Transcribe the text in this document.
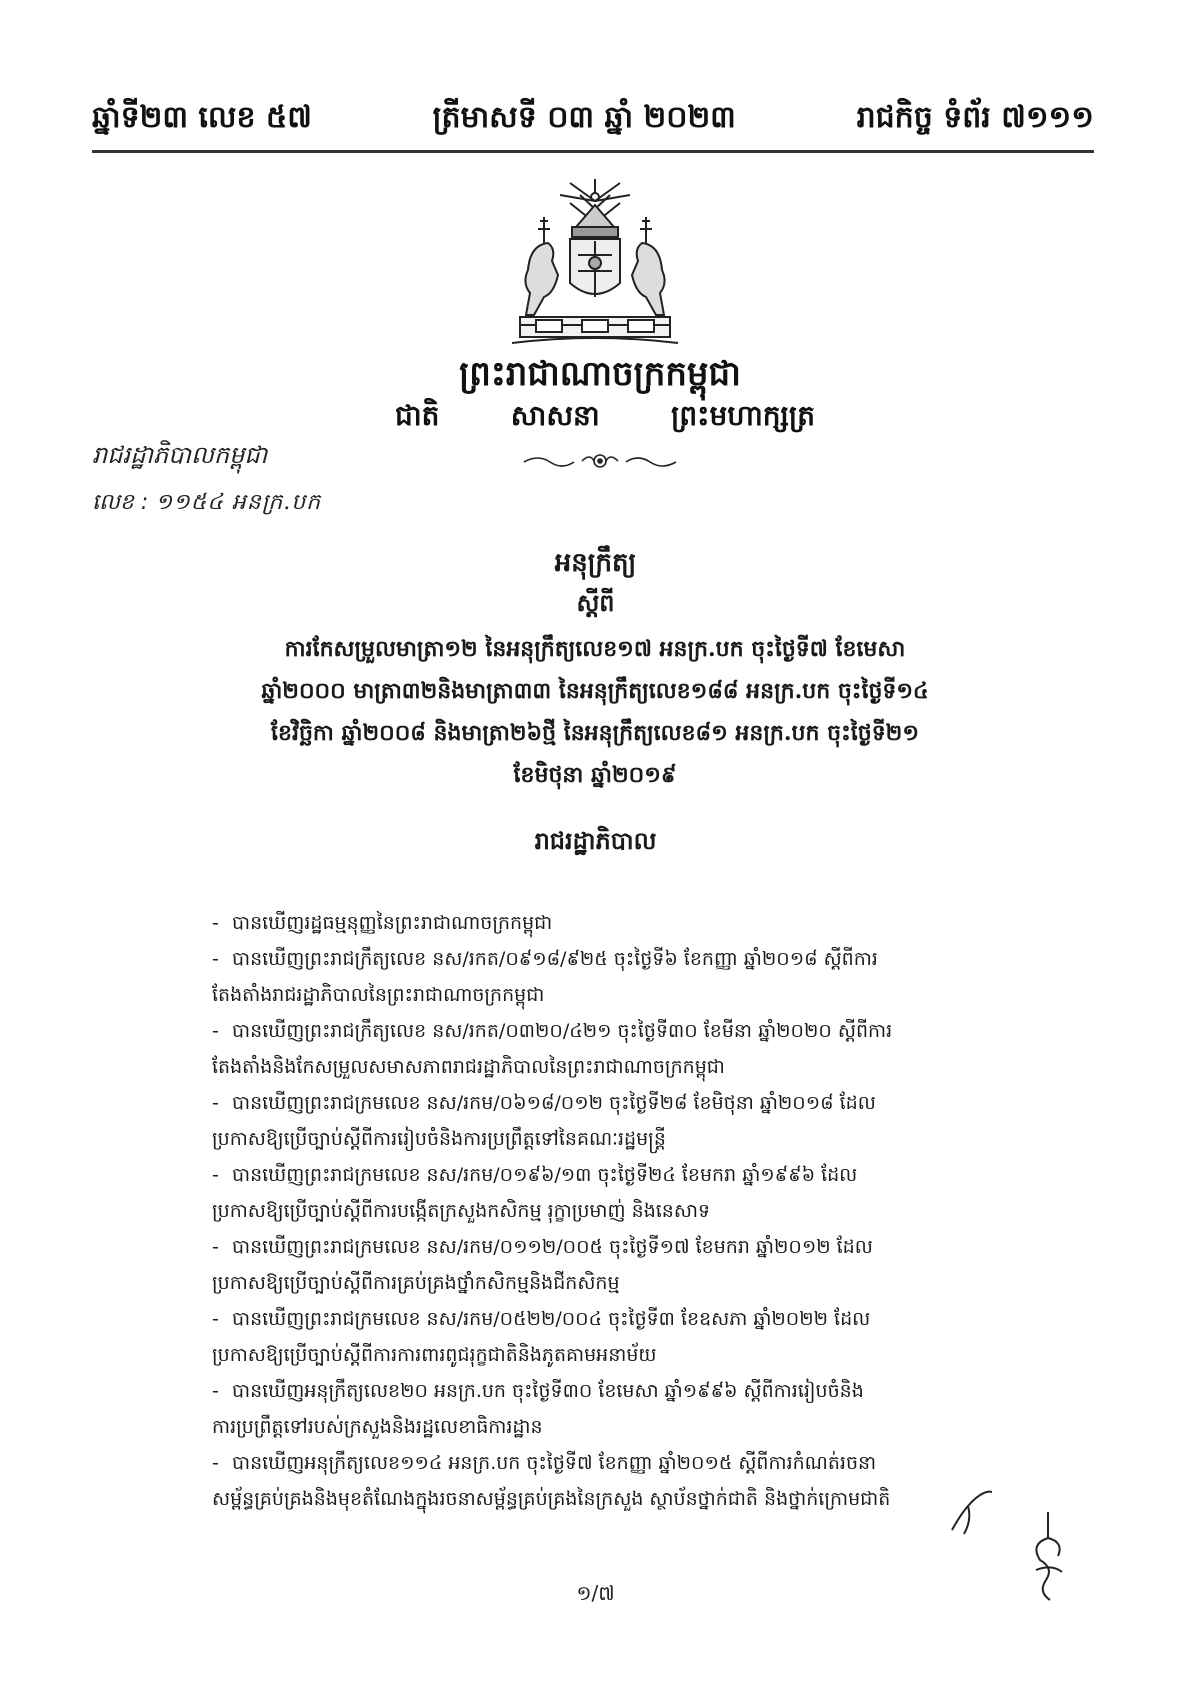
ឆ្នាំទី២៣ លេខ ៥៧	ត្រីមាសទី ០៣ ឆ្នាំ ២០២៣	រាជកិច្ច ទំព័រ ៧១១១
ព្រះរាជាណាចក្រកម្ពុជា
ជាតិ	សាសនា	ព្រះមហាក្សត្រ
រាជរដ្ឋាភិបាលកម្ពុជា
លេខ : ១១៥៤ អនក្រ.បក
អនុក្រឹត្យ
ស្តីពី
ការកែសម្រួលមាត្រា១២ នៃអនុក្រឹត្យលេខ១៧ អនក្រ.បក ចុះថ្ងៃទី៧ ខែមេសា
ឆ្នាំ២០០០ មាត្រា៣២និងមាត្រា៣៣ នៃអនុក្រឹត្យលេខ១៨៨ អនក្រ.បក ចុះថ្ងៃទី១៤
ខែវិច្ឆិកា ឆ្នាំ២០០៨ និងមាត្រា២៦ថ្មី នៃអនុក្រឹត្យលេខ៨១ អនក្រ.បក ចុះថ្ងៃទី២១
ខែមិថុនា ឆ្នាំ២០១៩
រាជរដ្ឋាភិបាល
- បានឃើញរដ្ឋធម្មនុញ្ញនៃព្រះរាជាណាចក្រកម្ពុជា
- បានឃើញព្រះរាជក្រឹត្យលេខ នស/រកត/០៩១៨/៩២៥ ចុះថ្ងៃទី៦ ខែកញ្ញា ឆ្នាំ២០១៨ ស្តីពីការ
តែងតាំងរាជរដ្ឋាភិបាលនៃព្រះរាជាណាចក្រកម្ពុជា
- បានឃើញព្រះរាជក្រឹត្យលេខ នស/រកត/០៣២០/៤២១ ចុះថ្ងៃទី៣០ ខែមីនា ឆ្នាំ២០២០ ស្តីពីការ
តែងតាំងនិងកែសម្រួលសមាសភាពរាជរដ្ឋាភិបាលនៃព្រះរាជាណាចក្រកម្ពុជា
- បានឃើញព្រះរាជក្រមលេខ នស/រកម/០៦១៨/០១២ ចុះថ្ងៃទី២៨ ខែមិថុនា ឆ្នាំ២០១៨ ដែល
ប្រកាសឱ្យប្រើច្បាប់ស្តីពីការរៀបចំនិងការប្រព្រឹត្តទៅនៃគណៈរដ្ឋមន្ត្រី
- បានឃើញព្រះរាជក្រមលេខ នស/រកម/០១៩៦/១៣ ចុះថ្ងៃទី២៤ ខែមករា ឆ្នាំ១៩៩៦ ដែល
ប្រកាសឱ្យប្រើច្បាប់ស្តីពីការបង្កើតក្រសួងកសិកម្ម រុក្ខាប្រមាញ់ និងនេសាទ
- បានឃើញព្រះរាជក្រមលេខ នស/រកម/០១១២/០០៥ ចុះថ្ងៃទី១៧ ខែមករា ឆ្នាំ២០១២ ដែល
ប្រកាសឱ្យប្រើច្បាប់ស្តីពីការគ្រប់គ្រងថ្នាំកសិកម្មនិងជីកសិកម្ម
- បានឃើញព្រះរាជក្រមលេខ នស/រកម/០៥២២/០០៤ ចុះថ្ងៃទី៣ ខែឧសភា ឆ្នាំ២០២២ ដែល
ប្រកាសឱ្យប្រើច្បាប់ស្តីពីការការពារពូជរុក្ខជាតិនិងភូតគាមអនាម័យ
- បានឃើញអនុក្រឹត្យលេខ២០ អនក្រ.បក ចុះថ្ងៃទី៣០ ខែមេសា ឆ្នាំ១៩៩៦ ស្តីពីការរៀបចំនិង
ការប្រព្រឹត្តទៅរបស់ក្រសួងនិងរដ្ឋលេខាធិការដ្ឋាន
- បានឃើញអនុក្រឹត្យលេខ១១៤ អនក្រ.បក ចុះថ្ងៃទី៧ ខែកញ្ញា ឆ្នាំ២០១៥ ស្តីពីការកំណត់រចនា
សម្ព័ន្ធគ្រប់គ្រងនិងមុខតំណែងក្នុងរចនាសម្ព័ន្ធគ្រប់គ្រងនៃក្រសួង ស្ថាប័នថ្នាក់ជាតិ និងថ្នាក់ក្រោមជាតិ
១/៧
